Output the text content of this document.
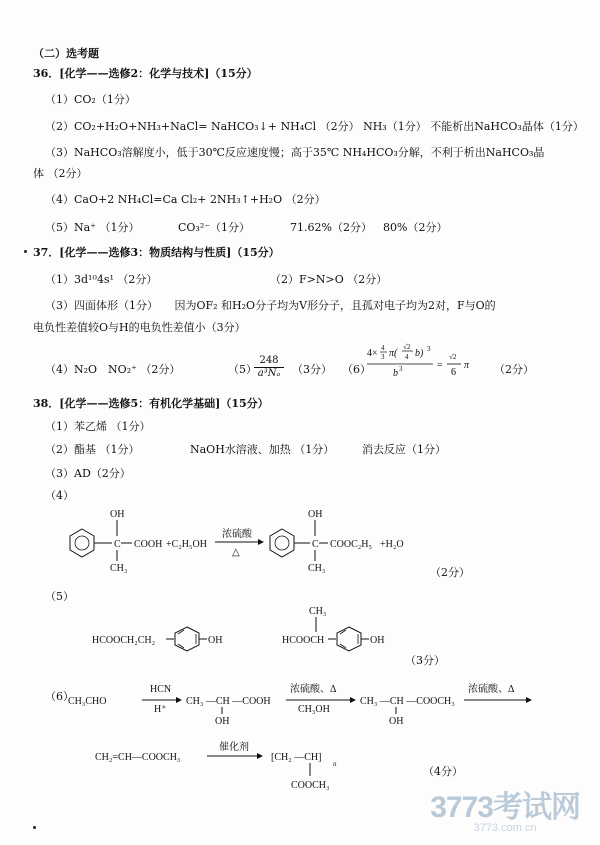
（二）选考题
36．[化学——选修2：化学与技术]（15分）
（1）CO₂（1分）
（2）CO₂+H₂O+NH₃+NaCl= NaHCO₃↓+ NH₄Cl （2分） NH₃（1分） 不能析出NaHCO₃晶体（1分）
（3）NaHCO₃溶解度小，低于30℃反应速度慢；高于35℃ NH₄HCO₃分解，不利于析出NaHCO₃晶
体 （2分）
（4）CaO+2 NH₄Cl=Ca Cl₂+ 2NH₃↑+H₂O （2分）
（5）Na⁺ （1分）	CO₃²⁻（1分）	71.62%（2分） 80%（2分）
37．[化学——选修3：物质结构与性质]（15分）
（1）3d¹⁰4s¹ （2分）	（2）F>N>O （2分）
（3）四面体形（1分）　　因为OF₂ 和H₂O分子均为V形分子，且孤对电子均为2对，F与O的
电负性差值较O与H的电负性差值小（3分）
（4）N₂O　NO₂⁺ （2分）	（5）
$\frac{248}{\text{a³Nₐ}} (3$分） （6）
4× 4
3 π(
√2
4 b) 3
b 3	=
√2
6
π （2分）
38．[化学——选修5：有机化学基础]（15分）
（1）苯乙烯 （1分）
（2）酯基 （1分）	NaOH水溶液、加热 （1分）	消去反应（1分）
（3）AD（2分）
（4）
C
OH
CH₃
COOH +C₂H₅OH
浓硫酸
△
C
OH
CH₃
COOC₂H₅ +H₂O
（2分）
（5）
HCOOCH₂CH₂	OH	HCOOCH
CH₃
OH
（3分）
（6）
CH₃CHO
HCN
H⁺
CH₃ —CH —COOH
OH
浓硫酸、Δ
CH₃OH
CH₃ —CH —COOCH₃
OH
浓硫酸、Δ
CH₂=CH—COOCH₃
催化剂
[CH₂ —CH]
n
COOCH₃
（4分）
3773考试网
3773.com.cn
